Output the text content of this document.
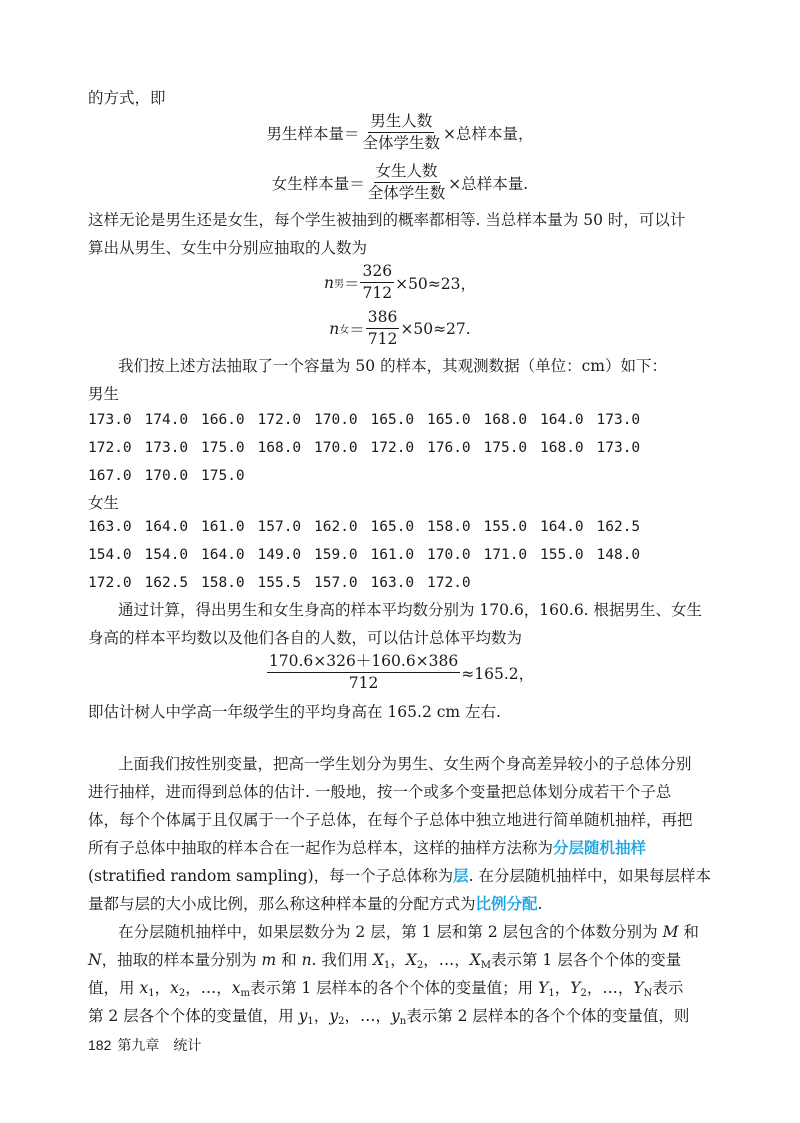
的方式，即
男生样本量＝ $\frac{\text{男生人数}}{\text{全体学生数}}$ ×总样本量，
女生样本量＝ $\frac{\text{女生人数}}{\text{全体学生数}}$ ×总样本量.
这样无论是男生还是女生，每个学生被抽到的概率都相等. 当总样本量为 50 时，可以计
算出从男生、女生中分别应抽取的人数为
n 男 ＝ $\frac{326}{712} \times 50\approx 23$，
n 女 ＝ $\frac{386}{712} \times 50\approx 27$.
我们按上述方法抽取了一个容量为 50 的样本，其观测数据（单位：cm）如下：
男生
173.0 174.0 166.0 172.0 170.0 165.0 165.0 168.0 164.0 173.0
172.0 173.0 175.0 168.0 170.0 172.0 176.0 175.0 168.0 173.0
167.0 170.0 175.0
女生
163.0 164.0 161.0 157.0 162.0 165.0 158.0 155.0 164.0 162.5
154.0 154.0 164.0 149.0 159.0 161.0 170.0 171.0 155.0 148.0
172.0 162.5 158.0 155.5 157.0 163.0 172.0
通过计算，得出男生和女生身高的样本平均数分别为 170.6，160.6. 根据男生、女生
身高的样本平均数以及他们各自的人数，可以估计总体平均数为
$\frac{170.6\times 326+160.6\times 386}{712} \approx 165.2$，
即估计树人中学高一年级学生的平均身高在 165.2 cm 左右.
上面我们按性别变量，把高一学生划分为男生、女生两个身高差异较小的子总体分别
进行抽样，进而得到总体的估计. 一般地，按一个或多个变量把总体划分成若干个子总
体，每个个体属于且仅属于一个子总体，在每个子总体中独立地进行简单随机抽样，再把
所有子总体中抽取的样本合在一起作为总样本，这样的抽样方法称为分层随机抽样
(stratified random sampling)，每一个子总体称为层. 在分层随机抽样中，如果每层样本
量都与层的大小成比例，那么称这种样本量的分配方式为比例分配.
在分层随机抽样中，如果层数分为 2 层，第 1 层和第 2 层包含的个体数分别为 M 和
N，抽取的样本量分别为 m 和 n. 我们用 $X_1$，$X_2$，…，$X_M$表示第 1 层各个个体的变量
值，用 $x_1$，$x_2$，…，$x_m$表示第 1 层样本的各个个体的变量值；用 $Y_1$，$Y_2$，…，$Y_N$表示
第 2 层各个个体的变量值，用 $y_1$，$y_2$，…，$y_n$表示第 2 层样本的各个个体的变量值，则
182 第九章　统计
